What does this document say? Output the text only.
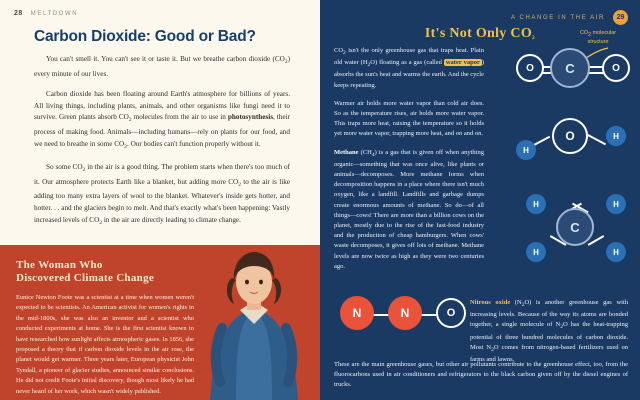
28 MELTDOWN
Carbon Dioxide: Good or Bad?

You can't smell it. You can't see it or taste it. But we breathe carbon dioxide $(CO_2)$ every minute of our lives.

Carbon dioxide has been floating around Earth's atmosphere for billions of years. All living things, including plants, animals, and other organisms like fungi need it to survive. Green plants absorb $CO_2$ molecules from the air to use in photosynthesis, their process of making food. Animals—including humans—rely on plants for our food, and we need to breathe in some $CO_2$. Our bodies can't function properly without it.

So some $CO_2$ in the air is a good thing. The problem starts when there's too much of it. Our atmosphere protects Earth like a blanket, but adding more $CO_2$ to the air is like adding too many extra layers of wool to the blanket. Whatever's inside gets hotter, and hotter. . . and the glaciers begin to melt. And that's exactly what's been happening: Vastly increased levels of $CO_2$ in the air are directly leading to climate change.

The Woman Who
Discovered Climate Change

Eunice Newton Foote was a scientist at a time when women weren't expected to be scientists. An American activist for women's rights in the mid-1800s, she was also an inventor and a scientist who conducted experiments at home. She is the first scientist known to have researched how sunlight affects atmospheric gases. In 1856, she proposed a theory that if carbon dioxide levels in the air rose, the planet would get warmer. Three years later, European physicist John Tyndall, a pioneer of glacier studies, announced similar conclusions. He did not credit Foote's initial discovery, though most likely he had never heard of her work, which wasn't widely published.

A CHANGE IN THE AIR	29
It's Not Only $CO_2$

$CO_2$ isn't the only greenhouse gas that traps heat. Plain old water $(H_2O)$ floating as a gas (called water vapor ) absorbs the sun's heat and warms the earth. And the cycle keeps repeating.

Warmer air holds more water vapor than cold air does. So as the temperature rises, air holds more water vapor. This traps more heat, raising the temperature so it holds yet more water vapor, trapping more heat, and on and on.

Methane $(CH_4)$ is a gas that is given off when anything organic—something that was once alive, like plants or animals—decomposes. More methane forms when decomposition happens in a place where there isn't much oxygen, like a landfill. Landfills and garbage dumps create enormous amounts of methane. So do—of all things—cows! There are more than a billion cows on the planet, mostly due to the rise of the fast-food industry and the production of cheap hamburgers. When cows' waste decomposes, it gives off lots of methane. Methane levels are now twice as high as they were two centuries ago.

Nitrous oxide $(N_2O)$ is another greenhouse gas with increasing levels. Because of the way its atoms are bonded together, a single molecule of $N_2O$ has the heat-trapping potential of three hundred molecules of carbon dioxide. Most $N_2O$ comes from nitrogen-based fertilizers used on farms and lawns.
These are the main greenhouse gases, but other air pollutants contribute to the greenhouse effect, too, from the fluorocarbons used in air conditioners and refrigerators to the black carbon given off by the diesel engines of trucks.
CO2 molecular
structure
O	C	O
H
O	H
C
H	H
H	H
N	N	O
